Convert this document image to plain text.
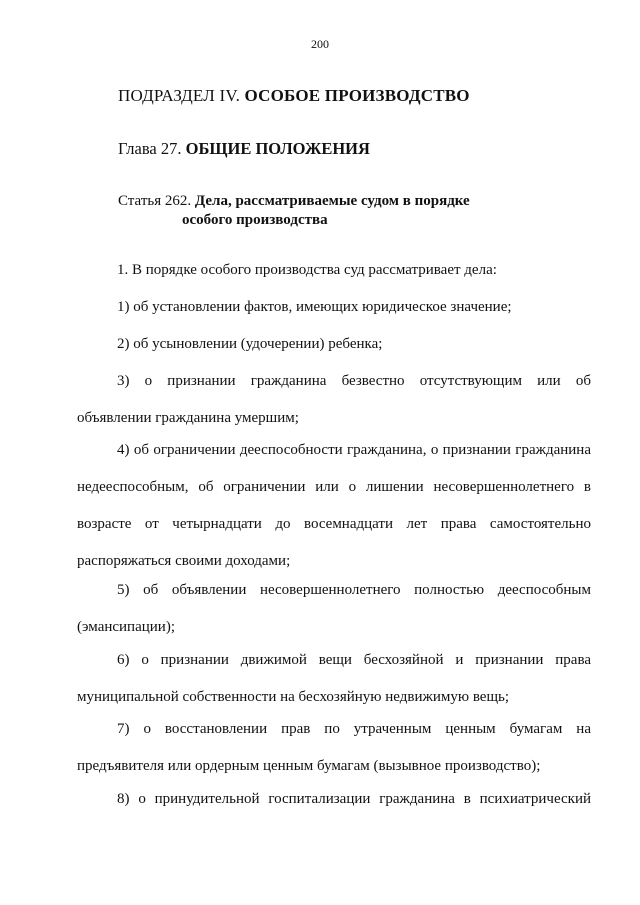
200
ПОДРАЗДЕЛ IV. ОСОБОЕ ПРОИЗВОДСТВО
Глава 27. ОБЩИЕ ПОЛОЖЕНИЯ
Статья 262. Дела, рассматриваемые судом в порядке
особого производства

1. В порядке особого производства суд рассматривает дела:

1) об установлении фактов, имеющих юридическое значение;

2) об усыновлении (удочерении) ребенка;

3) о признании гражданина безвестно отсутствующим или об
объявлении гражданина умершим;
4) об ограничении дееспособности гражданина, о признании гражданина
недееспособным, об ограничении или о лишении несовершеннолетнего в
возрасте от четырнадцати до восемнадцати лет права самостоятельно
распоряжаться своими доходами;
5) об объявлении несовершеннолетнего полностью дееспособным
(эмансипации);
6) о признании движимой вещи бесхозяйной и признании права
муниципальной собственности на бесхозяйную недвижимую вещь;
7) о восстановлении прав по утраченным ценным бумагам на
предъявителя или ордерным ценным бумагам (вызывное производство);
8) о принудительной госпитализации гражданина в психиатрический
